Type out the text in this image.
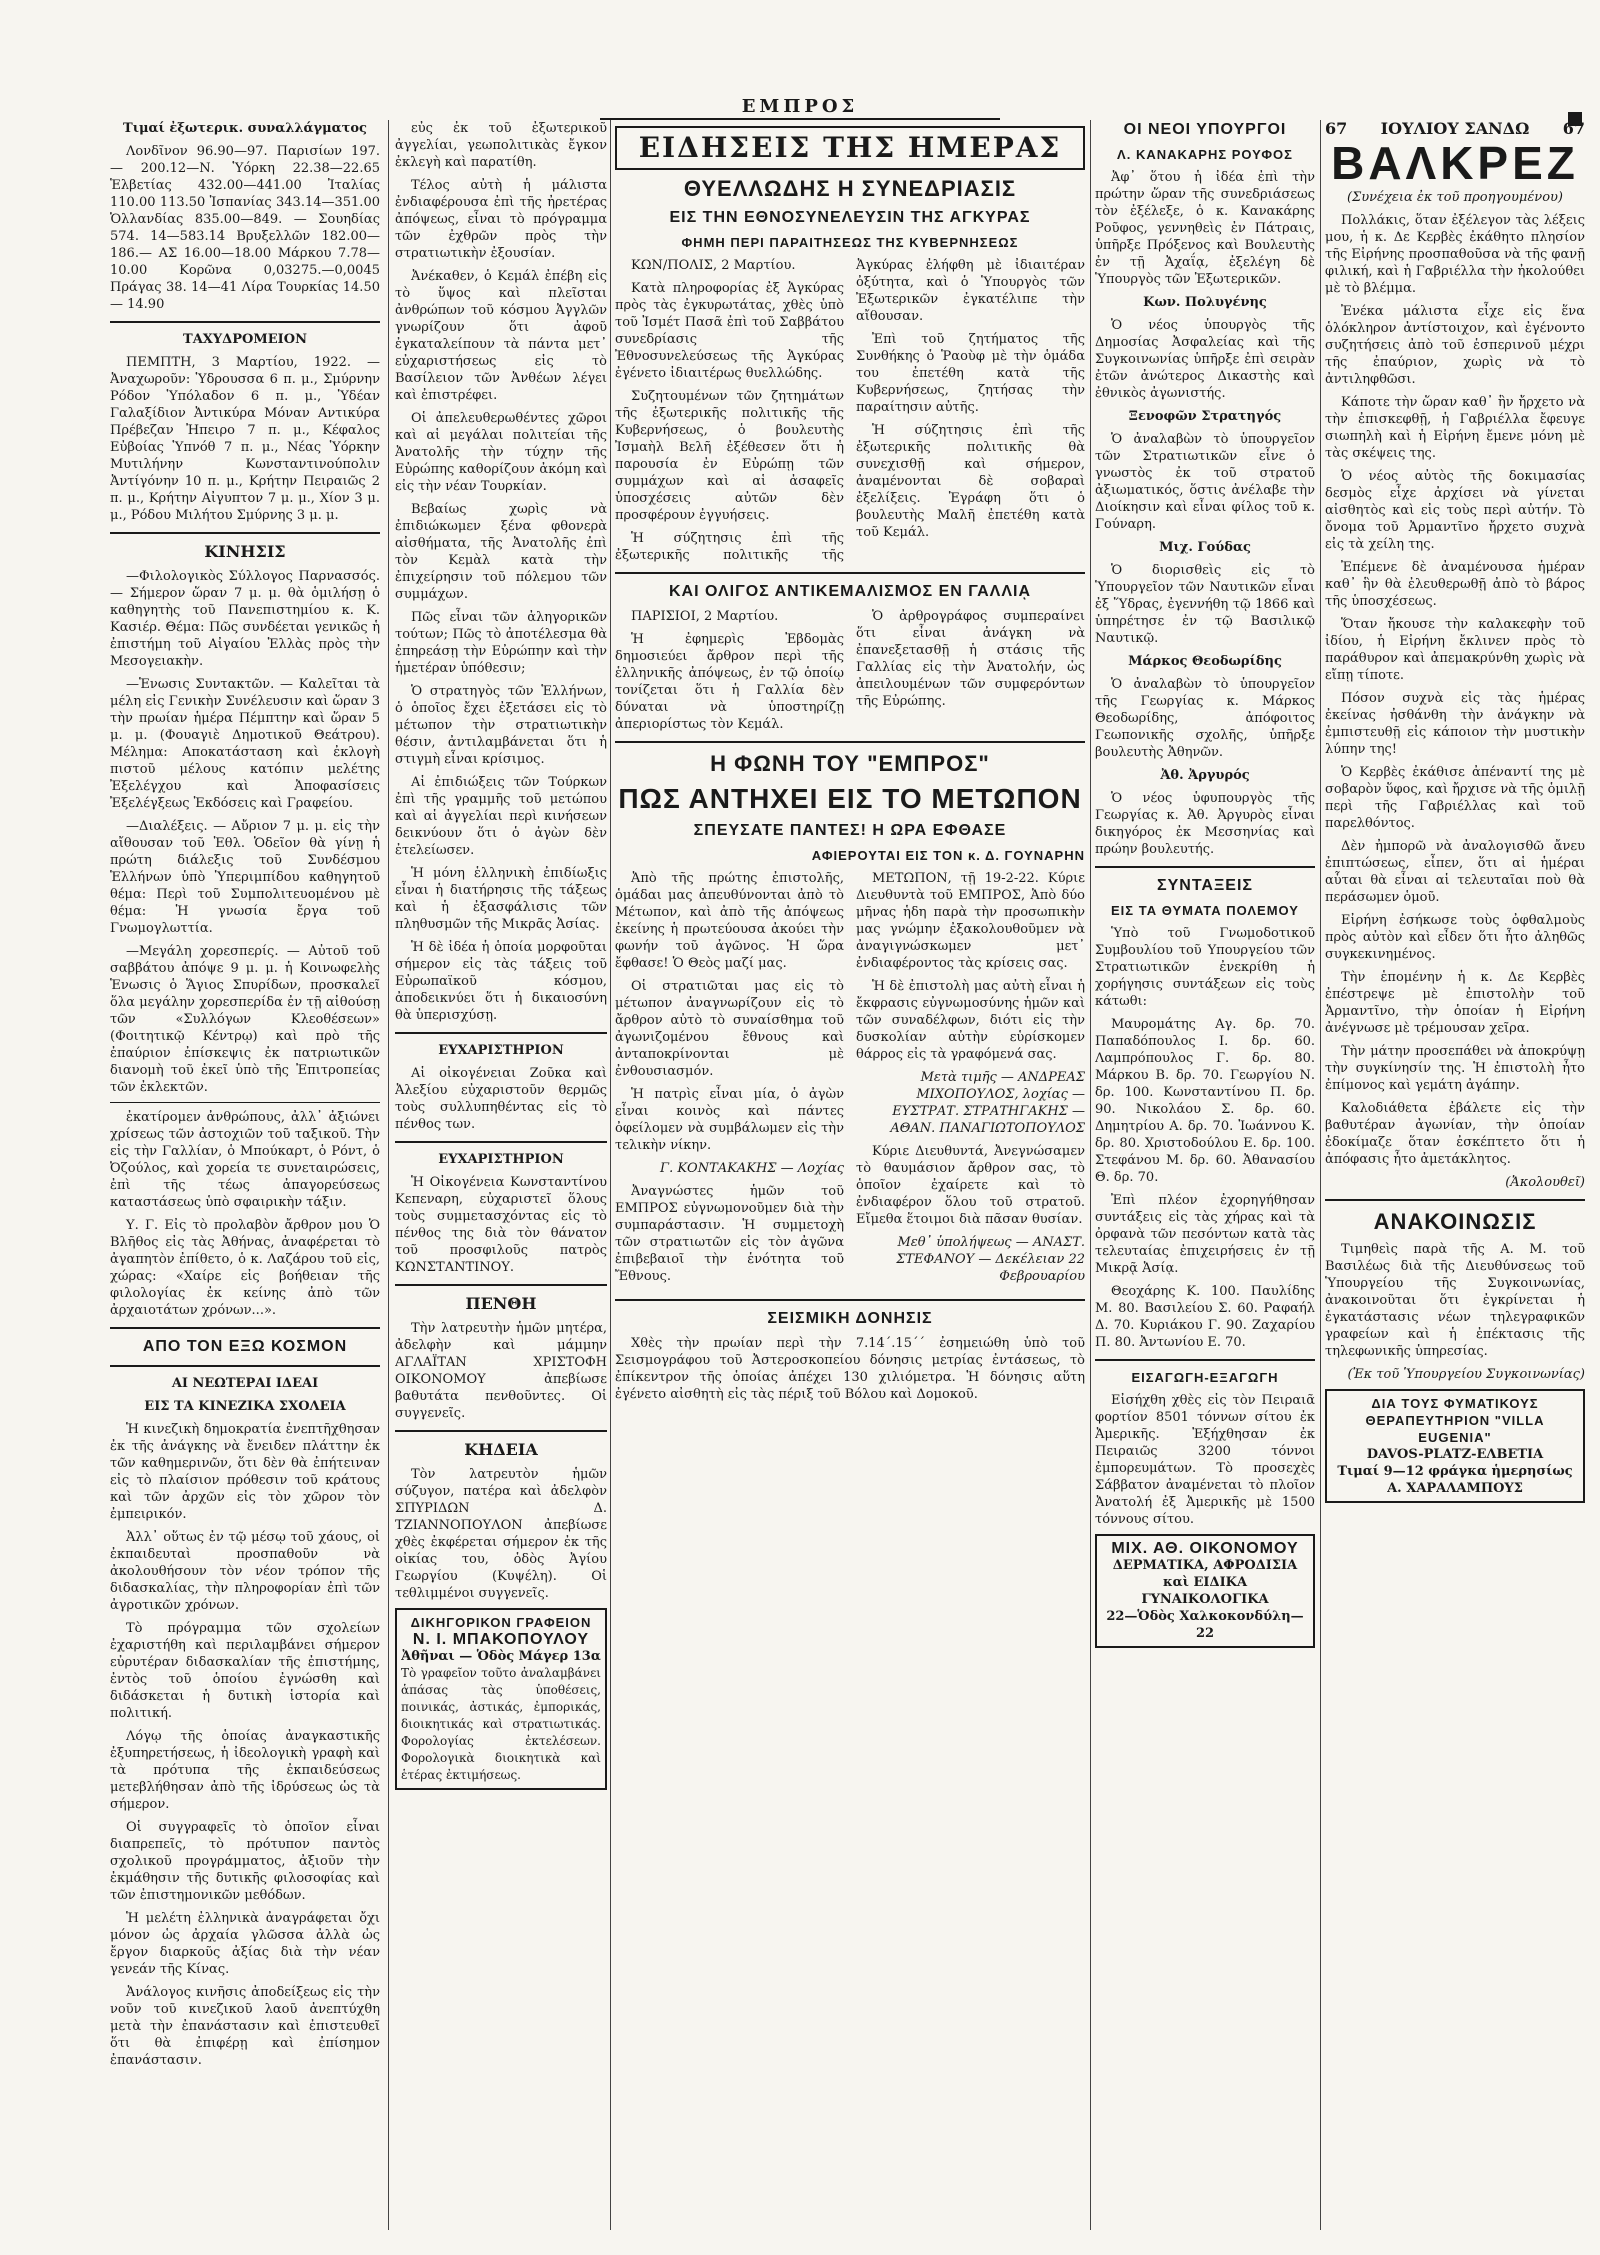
ΕΜΠΡΟΣ

Τιμαί ἐξωτερικ. συναλλάγματος

Λονδῖνον 96.90—97. Παρισίων 197. — 200.12—Ν. Ὑόρκη 22.38—22.65 Ἑλβετίας 432.00—441.00 Ἰταλίας 110.00 113.50 Ἰσπανίας 343.14—351.00 Ὁλλανδίας 835.00—849. — Σουηδίας 574. 14—583.14 Βρυξελλῶν 182.00—186.— ΑΣ 16.00—18.00 Μάρκου 7.78—10.00 Κορῶνα 0,03275.—0,0045 Πράγας 38. 14—41 Λίρα Τουρκίας 14.50 — 14.90

ΤΑΧΥΔΡΟΜΕΙΟΝ

ΠΕΜΠΤΗ, 3 Μαρτίου, 1922. — Ἀναχωροῦν: Ὑδρουσσα 6 π. μ., Σμύρνην Ρόδον Ὑπόλαδον 6 π. μ., Ὑδέαν Γαλαξίδιον Ἀντικύρα Μόναν Αντικύρα Πρέβεζαν Ἠπειρο 7 π. μ., Κέφαλος Εὐβοίας Ὑπνόθ 7 π. μ., Νέας Ὑόρκην Μυτιλήνην Κωνσταντινούπολιν Ἀντίγόνην 10 π. μ., Κρήτην Πειραιῶς 2 π. μ., Κρήτην Αἰγυπτον 7 μ. μ., Χίον 3 μ. μ., Ρόδου Μιλήτου Σμύρνης 3 μ. μ.

ΚΙΝΗΣΙΣ

—Φιλολογικὸς Σύλλογος Παρνασσός. — Σήμερον ὥραν 7 μ. μ. θὰ ὁμιλήσῃ ὁ καθηγητὴς τοῦ Πανεπιστημίου κ. Κ. Κασιέρ. Θέμα: Πῶς συνδέεται γενικῶς ἡ ἐπιστήμη τοῦ Αἰγαίου Ἑλλὰς πρὸς τὴν Μεσογειακὴν.

—Ἑνωσις Συντακτῶν. — Καλεῖται τὰ μέλη εἰς Γενικὴν Συνέλευσιν καὶ ὥραν 3 τὴν πρωίαν ἡμέρα Πέμπτην καὶ ὥραν 5 μ. μ. (Φουαγιὲ Δημοτικοῦ Θεάτρου). Μέλημα: Αποκατάσταση καὶ ἐκλογὴ πιστοῦ μέλους κατόπιν μελέτης Ἐξελέγχου καὶ Ἀποφασίσεις Ἐξελέγξεως Ἐκδόσεις καὶ Γραφείου.

—Διαλέξεις. — Αὔριον 7 μ. μ. εἰς τὴν αἴθουσαν τοῦ Ἐθλ. Ὁδεῖον θὰ γίνῃ ἡ πρώτη διάλεξις τοῦ Συνδέσμου Ἑλλήνων ὑπὸ Ὑπεριμπίδου καθηγητοῦ θέμα: Περὶ τοῦ Συμπολιτευομένου μὲ θέμα: Ἡ γνωσία ἔργα τοῦ Γνωμογλωττία.

—Μεγάλη χορεσπερίς. — Αὐτοῦ τοῦ σαββάτου ἀπόψε 9 μ. μ. ἡ Κοινωφελὴς Ἑνωσις ὁ Ἅγιος Σπυρίδων, προσκαλεῖ ὅλα μεγάλην χορεσπερίδα ἐν τῇ αἰθούσῃ τῶν «Συλλόγων Κλεοθέσεων» (Φοιτητικῷ Κέντρῳ) καὶ πρὸ τῆς ἐπαύριον ἐπίσκεψις ἐκ πατριωτικῶν διανομὴ τοῦ ἐκεῖ ὑπὸ τῆς Ἐπιτροπείας τῶν ἐκλεκτῶν.

ἐκατίρομεν ἀνθρώπους, ἀλλ᾽ ἀξιώνει χρίσεως τῶν ἀστοχιῶν τοῦ ταξικοῦ. Τὴν εἰς τὴν Γαλλίαν, ὁ Μπούκαρτ, ὁ Ρόντ, ὁ Ὀζούλος, καὶ χορεία τε συνεταιρώσεις, ἐπὶ τῆς τέως ἀπαγορεύσεως καταστάσεως ὑπὸ σφαιρικὴν τάξιν.

Υ. Γ. Εἰς τὸ προλαβὸν ἄρθρον μου Ὁ Βλῆθος εἰς τὰς Ἀθήνας, ἀναφέρεται τὸ ἀγαπητὸν ἐπίθετο, ὁ κ. Λαζάρου τοῦ εἰς, χώρας: «Χαίρε εἰς βοήθειαν τῆς φιλολογίας ἐκ κείνης ἀπὸ τῶν ἀρχαιοτάτων χρόνων...».

ΑΠΟ ΤΟΝ ΕΞΩ ΚΟΣΜΟΝ

ΑΙ ΝΕΩΤΕΡΑΙ ΙΔΕΑΙ

ΕΙΣ ΤΑ ΚΙΝΕΖΙΚΑ ΣΧΟΛΕΙΑ

Ἡ κινεζικὴ δημοκρατία ἐνεπτῆχθησαν ἐκ τῆς ἀνάγκης νὰ ἔνειδεν πλάττην ἐκ τῶν καθημερινῶν, ὅτι δὲν θὰ ἐπήτειναν εἰς τὸ πλαίσιον πρόθεσιν τοῦ κράτους καὶ τῶν ἀρχῶν εἰς τὸν χῶρον τὸν ἐμπειρικόν.

Ἀλλ᾽ οὕτως ἐν τῷ μέσῳ τοῦ χάους, οἱ ἐκπαιδευταὶ προσπαθοῦν νὰ ἀκολουθήσουν τὸν νέον τρόπον τῆς διδασκαλίας, τὴν πληροφορίαν ἐπὶ τῶν ἀγροτικῶν χρόνων.

Τὸ πρόγραμμα τῶν σχολείων ἐχαριστήθη καὶ περιλαμβάνει σήμερον εὐρυτέραν διδασκαλίαν τῆς ἐπιστήμης, ἐντὸς τοῦ ὁποίου ἐγνώσθη καὶ διδάσκεται ἡ δυτικὴ ἱστορία καὶ πολιτική.

Λόγῳ τῆς ὁποίας ἀναγκαστικῆς ἐξυπηρετήσεως, ἡ ἰδεολογικὴ γραφὴ καὶ τὰ πρότυπα τῆς ἐκπαιδεύσεως μετεβλήθησαν ἀπὸ τῆς ἰδρύσεως ὡς τὰ σήμερον.

Οἱ συγγραφεῖς τὸ ὁποῖον εἶναι διαπρεπεῖς, τὸ πρότυπον παντὸς σχολικοῦ προγράμματος, ἀξιοῦν τὴν ἐκμάθησιν τῆς δυτικῆς φιλοσοφίας καὶ τῶν ἐπιστημονικῶν μεθόδων.

Ἡ μελέτη ἐλληνικὰ ἀναγράφεται ὄχι μόνον ὡς ἀρχαία γλῶσσα ἀλλὰ ὡς ἔργον διαρκοῦς ἀξίας διὰ τὴν νέαν γενεάν τῆς Κίνας.

Ἀνάλογος κινῆσις ἀποδείξεως εἰς τὴν νοῦν τοῦ κινεζικοῦ λαοῦ ἀνεπτύχθη μετὰ τὴν ἐπανάστασιν καὶ ἐπιστευθεῖ ὅτι θὰ ἐπιφέρῃ καὶ ἐπίσημον ἐπανάστασιν.

εὐς ἐκ τοῦ ἐξωτερικοῦ ἀγγελίαι, γεωπολιτικὰς ἔγκον ἐκλεγὴ καὶ παρατίθη.

Τέλος αὐτὴ ἡ μάλιστα ἐνδιαφέρουσα ἐπὶ τῆς ἠρετέρας ἀπόψεως, εἶναι τὸ πρόγραμμα τῶν ἐχθρῶν πρὸς τὴν στρατιωτικὴν ἐξουσίαν.

Ἀνέκαθεν, ὁ Κεμάλ ἐπέβη εἰς τὸ ὕψος καὶ πλεῖσται ἀνθρώπων τοῦ κόσμου Ἀγγλῶν γνωρίζουν ὅτι ἀφοῦ ἐγκαταλείπουν τὰ πάντα μετ᾽ εὐχαριστήσεως εἰς τὸ Βασίλειον τῶν Ἀνθέων λέγει καὶ ἐπιστρέφει.

Οἱ ἀπελευθερωθέντες χῶροι καὶ αἱ μεγάλαι πολιτείαι τῆς Ἀνατολῆς τὴν τύχην τῆς Εὐρώπης καθορίζουν ἀκόμη καὶ εἰς τὴν νέαν Τουρκίαν.

Βεβαίως χωρὶς νὰ ἐπιδιώκωμεν ξένα φθονερὰ αἰσθήματα, τῆς Ἀνατολῆς ἐπὶ τὸν Κεμὰλ κατὰ τὴν ἐπιχείρησιν τοῦ πόλεμου τῶν συμμάχων.

Πῶς εἶναι τῶν ἀληγορικῶν τούτων; Πῶς τὸ ἀποτέλεσμα θὰ ἐπηρεάσῃ τὴν Εὐρώπην καὶ τὴν ἡμετέραν ὑπόθεσιν;

Ὁ στρατηγὸς τῶν Ἑλλήνων, ὁ ὁποῖος ἔχει ἐξετάσει εἰς τὸ μέτωπον τὴν στρατιωτικὴν θέσιν, ἀντιλαμβάνεται ὅτι ἡ στιγμὴ εἶναι κρίσιμος.

Αἱ ἐπιδιώξεις τῶν Τούρκων ἐπὶ τῆς γραμμῆς τοῦ μετώπου καὶ αἱ ἀγγελίαι περὶ κινήσεων δεικνύουν ὅτι ὁ ἀγὼν δὲν ἐτελείωσεν.

Ἡ μόνη ἑλληνικὴ ἐπιδίωξις εἶναι ἡ διατήρησις τῆς τάξεως καὶ ἡ ἐξασφάλισις τῶν πληθυσμῶν τῆς Μικρᾶς Ἀσίας.

Ἡ δὲ ἰδέα ἡ ὁποία μορφοῦται σήμερον εἰς τὰς τάξεις τοῦ Εὐρωπαϊκοῦ κόσμου, ἀποδεικνύει ὅτι ἡ δικαιοσύνη θὰ ὑπερισχύσῃ.

ΕΥΧΑΡΙΣΤΗΡΙΟΝ

Αἱ οἰκογένειαι Ζοῦκα καὶ Ἀλεξίου εὐχαριστοῦν θερμῶς τοὺς συλλυπηθέντας εἰς τὸ πένθος των.

ΕΥΧΑΡΙΣΤΗΡΙΟΝ

Ἡ Οἰκογένεια Κωνσταντίνου Κεπεναρη, εὐχαριστεῖ ὅλους τοὺς συμμετασχόντας εἰς τὸ πένθος της διὰ τὸν θάνατον τοῦ προσφιλοῦς πατρὸς ΚΩΝΣΤΑΝΤΙΝΟΥ.

ΠΕΝΘΗ

Τὴν λατρευτὴν ἡμῶν μητέρα, ἀδελφὴν καὶ μάμμην ΑΓΛΑΪΤΑΝ ΧΡΙΣΤΟΦΗ ΟΙΚΟΝΟΜΟΥ ἀπεβίωσε βαθυτάτα πενθοῦντες. Οἱ συγγενεῖς.

ΚΗΔΕΙΑ

Τὸν λατρευτὸν ἡμῶν σύζυγον, πατέρα καὶ ἀδελφὸν ΣΠΥΡΙΔΩΝ Δ. ΤΖΙΑΝΝΟΠΟΥΛΟΝ ἀπεβίωσε χθὲς ἐκφέρεται σήμερον ἐκ τῆς οἰκίας του, ὁδὸς Ἀγίου Γεωργίου (Κυψέλη). Οἱ τεθλιμμένοι συγγενεῖς.

ΔΙΚΗΓΟΡΙΚΟΝ ΓΡΑΦΕΙΟΝ
Ν. Ι. ΜΠΑΚΟΠΟΥΛΟΥ
Ἀθῆναι — Ὁδὸς Μάγερ 13α
Τὸ γραφεῖον τοῦτο ἀναλαμβάνει ἁπάσας τὰς ὑποθέσεις, ποινικάς, ἀστικάς, ἐμπορικάς, διοικητικάς καὶ στρατιωτικάς. Φορολογίας ἐκτελέσεων. Φορολογικὰ διοικητικὰ καὶ ἑτέρας ἐκτιμήσεως.
ΕΙΔΗΣΕΙΣ ΤΗΣ ΗΜΕΡΑΣ

ΘΥΕΛΛΩΔΗΣ Η ΣΥΝΕΔΡΙΑΣΙΣ

ΕΙΣ ΤΗΝ ΕΘΝΟΣΥΝΕΛΕΥΣΙΝ ΤΗΣ ΑΓΚΥΡΑΣ

ΦΗΜΗ ΠΕΡΙ ΠΑΡΑΙΤΗΣΕΩΣ ΤΗΣ ΚΥΒΕΡΝΗΣΕΩΣ

ΚΩΝ/ΠΟΛΙΣ, 2 Μαρτίου.

Κατὰ πληροφορίας ἐξ Ἀγκύρας πρὸς τὰς ἐγκυρωτάτας, χθὲς ὑπὸ τοῦ Ἰσμέτ Πασᾶ ἐπὶ τοῦ Σαββάτου συνεδρίασις τῆς Ἐθνοσυνελεύσεως τῆς Ἀγκύρας ἐγένετο ἰδιαιτέρως θυελλώδης.

Συζητουμένων τῶν ζητημάτων τῆς ἐξωτερικῆς πολιτικῆς τῆς Κυβερνήσεως, ὁ βουλευτὴς Ἰσμαὴλ Βελῆ ἐξέθεσεν ὅτι ἡ παρουσία ἐν Εὐρώπῃ τῶν συμμάχων καὶ αἱ ἀσαφεῖς ὑποσχέσεις αὐτῶν δὲν προσφέρουν ἐγγυήσεις.

Ἡ σύζητησις ἐπὶ τῆς ἐξωτερικῆς πολιτικῆς τῆς Ἀγκύρας ἐλήφθη μὲ ἰδιαιτέραν ὀξύτητα, καὶ ὁ Ὑπουργὸς τῶν Ἐξωτερικῶν ἐγκατέλιπε τὴν αἴθουσαν.

Ἐπὶ τοῦ ζητήματος τῆς Συνθήκης ὁ Ῥαοὺφ μὲ τὴν ὁμάδα του ἐπετέθη κατὰ τῆς Κυβερνήσεως, ζητήσας τὴν παραίτησιν αὐτῆς.

Ἡ σύζητησις ἐπὶ τῆς ἐξωτερικῆς πολιτικῆς θὰ συνεχισθῇ καὶ σήμερον, ἀναμένονται δὲ σοβαραὶ ἐξελίξεις. Ἐγράφη ὅτι ὁ βουλευτὴς Μαλῆ ἐπετέθη κατὰ τοῦ Κεμάλ.

ΚΑΙ ΟΛΙΓΟΣ ΑΝΤΙΚΕΜΑΛΙΣΜΟΣ ΕΝ ΓΑΛΛΙᾼ

ΠΑΡΙΣΙΟΙ, 2 Μαρτίου.

Ἡ ἐφημερὶς Ἐβδομὰς δημοσιεύει ἄρθρον περὶ τῆς ἑλληνικῆς ἀπόψεως, ἐν τῷ ὁποίῳ τονίζεται ὅτι ἡ Γαλλία δὲν δύναται νὰ ὑποστηρίζῃ ἀπεριορίστως τὸν Κεμάλ.

Ὁ ἀρθρογράφος συμπεραίνει ὅτι εἶναι ἀνάγκη νὰ ἐπανεξετασθῇ ἡ στάσις τῆς Γαλλίας εἰς τὴν Ἀνατολήν, ὡς ἀπειλουμένων τῶν συμφερόντων τῆς Εὐρώπης.

Η ΦΩΝΗ ΤΟΥ "ΕΜΠΡΟΣ"

ΠΩΣ ΑΝΤΗΧΕΙ ΕΙΣ ΤΟ ΜΕΤΩΠΟΝ

ΣΠΕΥΣΑΤΕ ΠΑΝΤΕΣ! Η ΩΡΑ ΕΦΘΑΣΕ

ΑΦΙΕΡΟΥΤΑΙ ΕΙΣ ΤΟΝ κ. Δ. ΓΟΥΝΑΡΗΝ

Ἀπὸ τῆς πρώτης ἐπιστολῆς, ὁμάδαι μας ἀπευθύνονται ἀπὸ τὸ Μέτωπον, καὶ ἀπὸ τῆς ἀπόψεως ἐκείνης ἡ πρωτεύουσα ἀκούει τὴν φωνήν τοῦ ἀγῶνος. Ἡ ὥρα ἔφθασε! Ὁ Θεὸς μαζί μας.

Οἱ στρατιῶται μας εἰς τὸ μέτωπον ἀναγνωρίζουν εἰς τὸ ἄρθρον αὐτὸ τὸ συναίσθημα τοῦ ἀγωνιζομένου ἔθνους καὶ ἀνταποκρίνονται μὲ ἐνθουσιασμόν.

Ἡ πατρὶς εἶναι μία, ὁ ἀγὼν εἶναι κοινὸς καὶ πάντες ὀφείλομεν νὰ συμβάλωμεν εἰς τὴν τελικὴν νίκην.

Γ. ΚΟΝΤΑΚΑΚΗΣ — Λοχίας

Ἀναγνώστες ἡμῶν τοῦ ΕΜΠΡΟΣ εὐγνωμονοῦμεν διὰ τὴν συμπαράστασιν. Ἡ συμμετοχὴ τῶν στρατιωτῶν εἰς τὸν ἀγῶνα ἐπιβεβαιοῖ τὴν ἑνότητα τοῦ Ἔθνους.

ΜΕΤΩΠΟΝ, τῇ 19-2-22. Κύριε Διευθυντὰ τοῦ ΕΜΠΡΟΣ, Ἀπὸ δύο μῆνας ἡδη παρὰ τὴν προσωπικὴν μας γνώμην ἐξακολουθοῦμεν νὰ ἀναγιγνώσκωμεν μετ᾽ ἐνδιαφέροντος τὰς κρίσεις σας.

Ἡ δὲ ἐπιστολὴ μας αὐτὴ εἶναι ἡ ἔκφρασις εὐγνωμοσύνης ἡμῶν καὶ τῶν συναδέλφων, διότι εἰς τὴν δυσκολίαν αὐτὴν εὑρίσκομεν θάρρος εἰς τὰ γραφόμενά σας.

Μετὰ τιμῆς — ΑΝΔΡΕΑΣ ΜΙΧΟΠΟΥΛΟΣ, λοχίας — ΕΥΣΤΡΑΤ. ΣΤΡΑΤΗΓΑΚΗΣ — ΑΘΑΝ. ΠΑΝΑΓΙΩΤΟΠΟΥΛΟΣ

Κύριε Διευθυντά, Ἀνεγνώσαμεν τὸ θαυμάσιον ἄρθρον σας, τὸ ὁποῖον ἐχαίρετε καὶ τὸ ἐνδιαφέρον ὅλου τοῦ στρατοῦ. Εἴμεθα ἕτοιμοι διὰ πᾶσαν θυσίαν.

Μεθ᾽ ὑπολήψεως — ΑΝΑΣΤ. ΣΤΕΦΑΝΟΥ — Δεκέλειαν 22 Φεβρουαρίου

ΣΕΙΣΜΙΚΗ ΔΟΝΗΣΙΣ

Χθὲς τὴν πρωίαν περὶ τὴν 7.14΄.15΄΄ ἐσημειώθη ὑπὸ τοῦ Σεισμογράφου τοῦ Ἀστεροσκοπείου δόνησις μετρίας ἐντάσεως, τὸ ἐπίκεντρον τῆς ὁποίας ἀπέχει 130 χιλιόμετρα. Ἡ δόνησις αὕτη ἐγένετο αἰσθητὴ εἰς τὰς πέριξ τοῦ Βόλου καὶ Δομοκοῦ.

ΟΙ ΝΕΟΙ ΥΠΟΥΡΓΟΙ

Λ. ΚΑΝΑΚΑΡΗΣ ΡΟΥΦΟΣ

Ἀφ᾽ ὅτου ἡ ἰδέα ἐπὶ τὴν πρώτην ὥραν τῆς συνεδριάσεως τὸν ἐξέλεξε, ὁ κ. Κανακάρης Ροῦφος, γεννηθεὶς ἐν Πάτραις, ὑπῆρξε Πρόξενος καὶ Βουλευτὴς ἐν τῇ Ἀχαΐᾳ, ἐξελέγη δὲ Ὑπουργὸς τῶν Ἐξωτερικῶν.

Κων. Πολυγένης

Ὁ νέος ὑπουργὸς τῆς Δημοσίας Ἀσφαλείας καὶ τῆς Συγκοινωνίας ὑπῆρξε ἐπὶ σειρὰν ἐτῶν ἀνώτερος Δικαστὴς καὶ ἐθνικὸς ἀγωνιστής.

Ξενοφῶν Στρατηγός

Ὁ ἀναλαβὼν τὸ ὑπουργεῖον τῶν Στρατιωτικῶν εἶνε ὁ γνωστὸς ἐκ τοῦ στρατοῦ ἀξιωματικός, ὅστις ἀνέλαβε τὴν Διοίκησιν καὶ εἶναι φίλος τοῦ κ. Γούναρη.

Μιχ. Γούδας

Ὁ διορισθεὶς εἰς τὸ Ὑπουργεῖον τῶν Ναυτικῶν εἶναι ἐξ Ὕδρας, ἐγεννήθη τῷ 1866 καὶ ὑπηρέτησε ἐν τῷ Βασιλικῷ Ναυτικῷ.

Μάρκος Θεοδωρίδης

Ὁ ἀναλαβὼν τὸ ὑπουργεῖον τῆς Γεωργίας κ. Μάρκος Θεοδωρίδης, ἀπόφοιτος Γεωπονικῆς σχολῆς, ὑπῆρξε βουλευτὴς Ἀθηνῶν.

Ἀθ. Ἀργυρός

Ὁ νέος ὑφυπουργὸς τῆς Γεωργίας κ. Ἀθ. Ἀργυρὸς εἶναι δικηγόρος ἐκ Μεσσηνίας καὶ πρώην βουλευτής.

ΣΥΝΤΑΞΕΙΣ

ΕΙΣ ΤΑ ΘΥΜΑΤΑ ΠΟΛΕΜΟΥ

Ὑπὸ τοῦ Γνωμοδοτικοῦ Συμβουλίου τοῦ Υπουργείου τῶν Στρατιωτικῶν ἐνεκρίθη ἡ χορήγησις συντάξεων εἰς τοὺς κάτωθι:

Μαυρομάτης Αγ. δρ. 70. Παπαδόπουλος Ι. δρ. 60. Λαμπρόπουλος Γ. δρ. 80. Μάρκου Β. δρ. 70. Γεωργίου Ν. δρ. 100. Κωνσταντίνου Π. δρ. 90. Νικολάου Σ. δρ. 60. Δημητρίου Α. δρ. 70. Ἰωάννου Κ. δρ. 80. Χριστοδούλου Ε. δρ. 100. Στεφάνου Μ. δρ. 60. Ἀθανασίου Θ. δρ. 70.

Ἐπὶ πλέον ἐχορηγήθησαν συντάξεις εἰς τὰς χήρας καὶ τὰ ὀρφανὰ τῶν πεσόντων κατὰ τὰς τελευταίας ἐπιχειρήσεις ἐν τῇ Μικρᾷ Ἀσίᾳ.

Θεοχάρης Κ. 100. Παυλίδης Μ. 80. Βασιλείου Σ. 60. Ραφαήλ Δ. 70. Κυριάκου Γ. 90. Ζαχαρίου Π. 80. Ἀντωνίου Ε. 70.

ΕΙΣΑΓΩΓΗ-ΕΞΑΓΩΓΗ

Εἰσήχθη χθὲς εἰς τὸν Πειραιᾶ φορτίον 8501 τόννων σίτου ἐκ Ἀμερικῆς. Ἐξήχθησαν ἐκ Πειραιῶς 3200 τόννοι ἐμπορευμάτων. Τὸ προσεχὲς Σάββατον ἀναμένεται τὸ πλοῖον Ἀνατολή ἐξ Ἀμερικῆς μὲ 1500 τόννους σίτου.

ΜΙΧ. ΑΘ. ΟΙΚΟΝΟΜΟΥ
ΔΕΡΜΑΤΙΚΑ, ΑΦΡΟΔΙΣΙΑ
καὶ ΕΙΔΙΚΑ ΓΥΝΑΙΚΟΛΟΓΙΚΑ
22—Ὁδὸς Χαλκοκονδύλη—22
67 ΙΟΥΛΙΟΥ ΣΑΝΔΩ 67
ΒΑΛΚΡΕΖ

(Συνέχεια ἐκ τοῦ προηγουμένου)

Πολλάκις, ὅταν ἐξέλεγον τὰς λέξεις μου, ἡ κ. Δε Κερβὲς ἐκάθητο πλησίον τῆς Εἰρήνης προσπαθοῦσα νὰ τῆς φανῇ φιλική, καὶ ἡ Γαβριέλλα τὴν ἠκολούθει μὲ τὸ βλέμμα.

Ἐνέκα μάλιστα εἶχε εἰς ἕνα ὁλόκληρον ἀντίστοιχον, καὶ ἐγένοντο συζητήσεις ἀπὸ τοῦ ἑσπερινοῦ μέχρι τῆς ἐπαύριον, χωρὶς νὰ τὸ ἀντιληφθῶσι.

Κάποτε τὴν ὥραν καθ᾽ ἣν ἤρχετο νὰ τὴν ἐπισκεφθῇ, ἡ Γαβριέλλα ἔφευγε σιωπηλὴ καὶ ἡ Εἰρήνη ἔμενε μόνη μὲ τὰς σκέψεις της.

Ὁ νέος αὐτὸς τῆς δοκιμασίας δεσμὸς εἶχε ἀρχίσει νὰ γίνεται αἰσθητὸς καὶ εἰς τοὺς περὶ αὐτήν. Τὸ ὄνομα τοῦ Ἀρμαντῖνο ἤρχετο συχνὰ εἰς τὰ χείλη της.

Ἐπέμενε δὲ ἀναμένουσα ἡμέραν καθ᾽ ἣν θὰ ἐλευθερωθῇ ἀπὸ τὸ βάρος τῆς ὑποσχέσεως.

Ὅταν ἤκουσε τὴν καλακεφὴν τοῦ ἰδίου, ἡ Εἰρήνη ἔκλινεν πρὸς τὸ παράθυρον καὶ ἀπεμακρύνθη χωρὶς νὰ εἴπῃ τίποτε.

Πόσον συχνὰ εἰς τὰς ἡμέρας ἐκείνας ἠσθάνθη τὴν ἀνάγκην νὰ ἐμπιστευθῇ εἰς κάποιον τὴν μυστικὴν λύπην της!

Ὁ Κερβὲς ἐκάθισε ἀπέναντί της μὲ σοβαρὸν ὕφος, καὶ ἤρχισε νὰ τῆς ὁμιλῇ περὶ τῆς Γαβριέλλας καὶ τοῦ παρελθόντος.

Δὲν ἠμπορῶ νὰ ἀναλογισθῶ ἄνευ ἐπιπτώσεως, εἶπεν, ὅτι αἱ ἡμέραι αὗται θὰ εἶναι αἱ τελευταῖαι ποὺ θὰ περάσωμεν ὁμοῦ.

Εἰρήνη ἐσήκωσε τοὺς ὀφθαλμοὺς πρὸς αὐτὸν καὶ εἶδεν ὅτι ἦτο ἀληθῶς συγκεκινημένος.

Τὴν ἑπομένην ἡ κ. Δε Κερβὲς ἐπέστρεψε μὲ ἐπιστολὴν τοῦ Ἀρμαντῖνο, τὴν ὁποίαν ἡ Εἰρήνη ἀνέγνωσε μὲ τρέμουσαν χεῖρα.

Τὴν μάτην προσεπάθει νὰ ἀποκρύψῃ τὴν συγκίνησίν της. Ἡ ἐπιστολὴ ἦτο ἐπίμονος καὶ γεμάτη ἀγάπην.

Καλοδιάθετα ἐβάλετε εἰς τὴν βαθυτέραν ἀγωνίαν, τὴν ὁποίαν ἐδοκίμαζε ὅταν ἐσκέπτετο ὅτι ἡ ἀπόφασις ἦτο ἀμετάκλητος.

(Ἀκολουθεῖ)

ΑΝΑΚΟΙΝΩΣΙΣ

Τιμηθεὶς παρὰ τῆς Α. Μ. τοῦ Βασιλέως διὰ τῆς Διευθύνσεως τοῦ Ὑπουργείου τῆς Συγκοινωνίας, ἀνακοινοῦται ὅτι ἐγκρίνεται ἡ ἐγκατάστασις νέων τηλεγραφικῶν γραφείων καὶ ἡ ἐπέκτασις τῆς τηλεφωνικῆς ὑπηρεσίας.

(Ἐκ τοῦ Ὑπουργείου Συγκοινωνίας)

ΔΙΑ ΤΟΥΣ ΦΥΜΑΤΙΚΟΥΣ
ΘΕΡΑΠΕΥΤΗΡΙΟΝ "VILLA EUGENIA"
DAVOS-PLATZ-ΕΛΒΕΤΙΑ
Τιμαί 9—12 φράγκα ἡμερησίως
Α. ΧΑΡΑΛΑΜΠΟΥΣ
